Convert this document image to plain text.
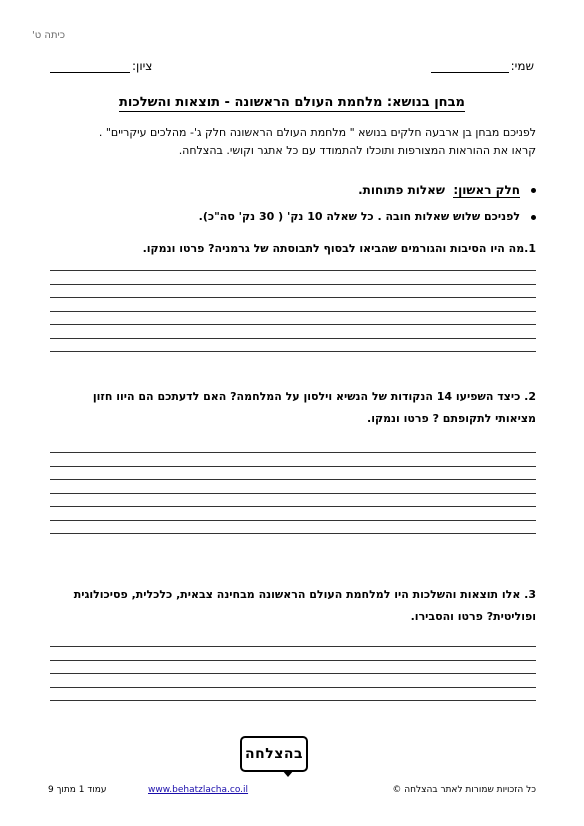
כיתה ט'
שמי:
ציון:
מבחן בנושא: מלחמת העולם הראשונה - תוצאות והשלכות
לפניכם מבחן בן ארבעה חלקים בנושא " מלחמת העולם הראשונה חלק ג'- מהלכים עיקריים" .
קראו את ההוראות המצורפות ותוכלו להתמודד עם כל אתגר וקושי. בהצלחה.
חלק ראשון:  שאלות פתוחות.
לפניכם שלוש שאלות חובה . כל שאלה 10 נק' ( 30 נק' סה"כ).
1.מה היו הסיבות והגורמים שהביאו לבסוף לתבוסתה של גרמניה? פרטו ונמקו.
2. כיצד השפיעו 14 הנקודות של הנשיא וילסון על המלחמה? האם לדעתכם הם היוו חזון מציאותי לתקופתם ? פרטו ונמקו.
3. אלו תוצאות והשלכות היו למלחמת העולם הראשונה מבחינה צבאית, כלכלית, פסיכולוגית ופוליטית? פרטו והסבירו.
בהצלחה
כל הזכויות שמורות לאתר בהצלחה ©
www.behatzlacha.co.il
עמוד 1 מתוך 9
